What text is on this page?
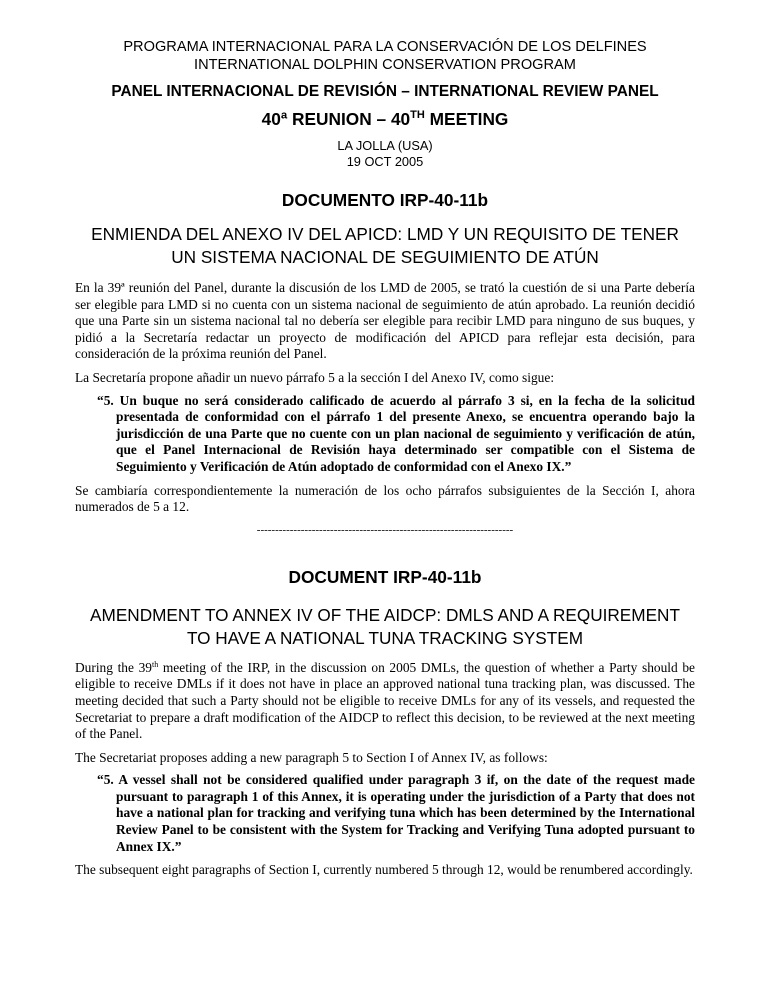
PROGRAMA INTERNACIONAL PARA LA CONSERVACIÓN DE LOS DELFINES
INTERNATIONAL DOLPHIN CONSERVATION PROGRAM
PANEL INTERNACIONAL DE REVISIÓN – INTERNATIONAL REVIEW PANEL
40ª REUNION – 40TH MEETING
LA JOLLA (USA)
19 OCT 2005
DOCUMENTO IRP-40-11b
ENMIENDA DEL ANEXO IV DEL APICD: LMD Y UN REQUISITO DE TENER UN SISTEMA NACIONAL DE SEGUIMIENTO DE ATÚN

En la 39ª reunión del Panel, durante la discusión de los LMD de 2005, se trató la cuestión de si una Parte debería ser elegible para LMD si no cuenta con un sistema nacional de seguimiento de atún aprobado. La reunión decidió que una Parte sin un sistema nacional tal no debería ser elegible para recibir LMD para ninguno de sus buques, y pidió a la Secretaría redactar un proyecto de modificación del APICD para reflejar esta decisión, para consideración de la próxima reunión del Panel.

La Secretaría propone añadir un nuevo párrafo 5 a la sección I del Anexo IV, como sigue:

“5. Un buque no será considerado calificado de acuerdo al párrafo 3 si, en la fecha de la solicitud presentada de conformidad con el párrafo 1 del presente Anexo, se encuentra operando bajo la jurisdicción de una Parte que no cuente con un plan nacional de seguimiento y verificación de atún, que el Panel Internacional de Revisión haya determinado ser compatible con el Sistema de Seguimiento y Verificación de Atún adoptado de conformidad con el Anexo IX.”

Se cambiaría correspondientemente la numeración de los ocho párrafos subsiguientes de la Sección I, ahora numerados de 5 a 12.

----------------------------------------------------------------------
DOCUMENT IRP-40-11b
AMENDMENT TO ANNEX IV OF THE AIDCP: DMLS AND A REQUIREMENT TO HAVE A NATIONAL TUNA TRACKING SYSTEM

During the 39th meeting of the IRP, in the discussion on 2005 DMLs, the question of whether a Party should be eligible to receive DMLs if it does not have in place an approved national tuna tracking plan, was discussed. The meeting decided that such a Party should not be eligible to receive DMLs for any of its vessels, and requested the Secretariat to prepare a draft modification of the AIDCP to reflect this decision, to be reviewed at the next meeting of the Panel.

The Secretariat proposes adding a new paragraph 5 to Section I of Annex IV, as follows:

“5. A vessel shall not be considered qualified under paragraph 3 if, on the date of the request made pursuant to paragraph 1 of this Annex, it is operating under the jurisdiction of a Party that does not have a national plan for tracking and verifying tuna which has been determined by the International Review Panel to be consistent with the System for Tracking and Verifying Tuna adopted pursuant to Annex IX.”

The subsequent eight paragraphs of Section I, currently numbered 5 through 12, would be renumbered accordingly.
